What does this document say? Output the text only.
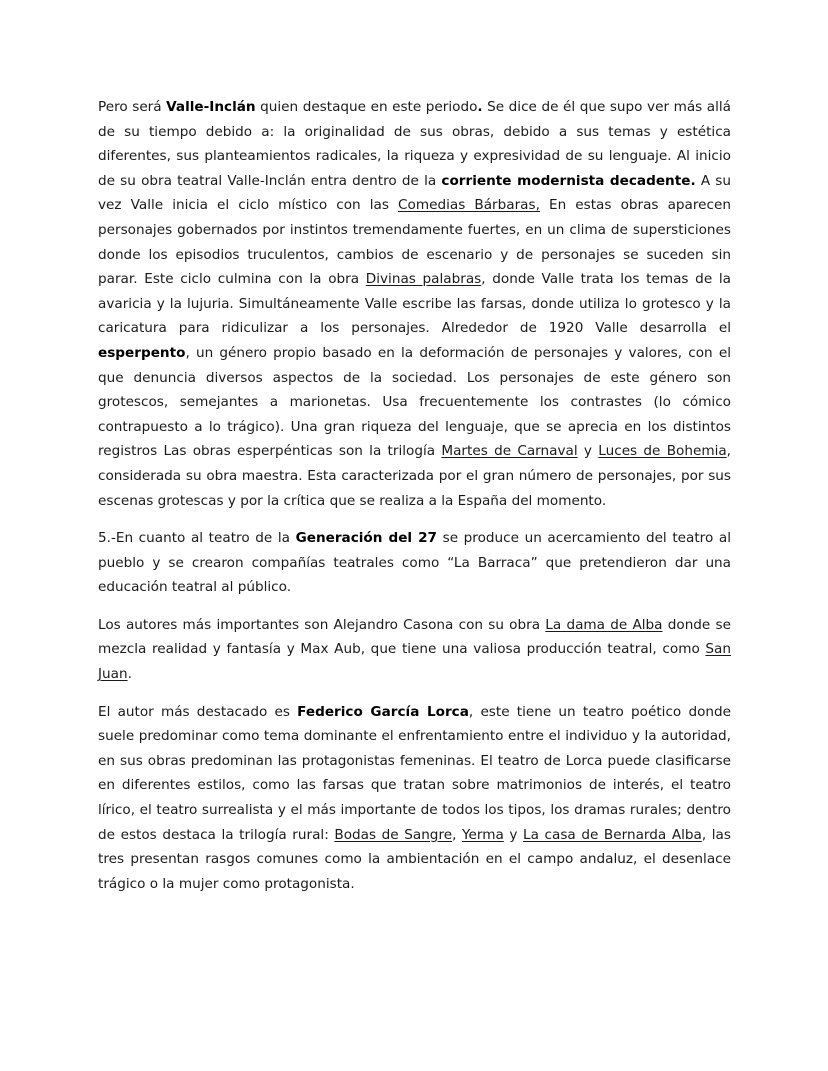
Pero será Valle-Inclán quien destaque en este periodo. Se dice de él que supo ver más allá de su tiempo debido a: la originalidad de sus obras, debido a sus temas y estética diferentes, sus planteamientos radicales, la riqueza y expresividad de su lenguaje. Al inicio de su obra teatral Valle-Inclán entra dentro de la corriente modernista decadente. A su vez Valle inicia el ciclo místico con las Comedias Bárbaras, En estas obras aparecen personajes gobernados por instintos tremendamente fuertes, en un clima de supersticiones donde los episodios truculentos, cambios de escenario y de personajes se suceden sin parar. Este ciclo culmina con la obra Divinas palabras, donde Valle trata los temas de la avaricia y la lujuria. Simultáneamente Valle escribe las farsas, donde utiliza lo grotesco y la caricatura para ridiculizar a los personajes. Alrededor de 1920 Valle desarrolla el esperpento, un género propio basado en la deformación de personajes y valores, con el que denuncia diversos aspectos de la sociedad. Los personajes de este género son grotescos, semejantes a marionetas. Usa frecuentemente los contrastes (lo cómico contrapuesto a lo trágico). Una gran riqueza del lenguaje, que se aprecia en los distintos registros Las obras esperpénticas son la trilogía Martes de Carnaval y Luces de Bohemia, considerada su obra maestra. Esta caracterizada por el gran número de personajes, por sus escenas grotescas y por la crítica que se realiza a la España del momento.

5.-En cuanto al teatro de la Generación del 27 se produce un acercamiento del teatro al pueblo y se crearon compañías teatrales como “La Barraca” que pretendieron dar una educación teatral al público.

Los autores más importantes son Alejandro Casona con su obra La dama de Alba donde se mezcla realidad y fantasía y Max Aub, que tiene una valiosa producción teatral, como San Juan.

El autor más destacado es Federico García Lorca, este tiene un teatro poético donde suele predominar como tema dominante el enfrentamiento entre el individuo y la autoridad, en sus obras predominan las protagonistas femeninas. El teatro de Lorca puede clasificarse en diferentes estilos, como las farsas que tratan sobre matrimonios de interés, el teatro lírico, el teatro surrealista y el más importante de todos los tipos, los dramas rurales; dentro de estos destaca la trilogía rural: Bodas de Sangre, Yerma y La casa de Bernarda Alba, las tres presentan rasgos comunes como la ambientación en el campo andaluz, el desenlace trágico o la mujer como protagonista.
